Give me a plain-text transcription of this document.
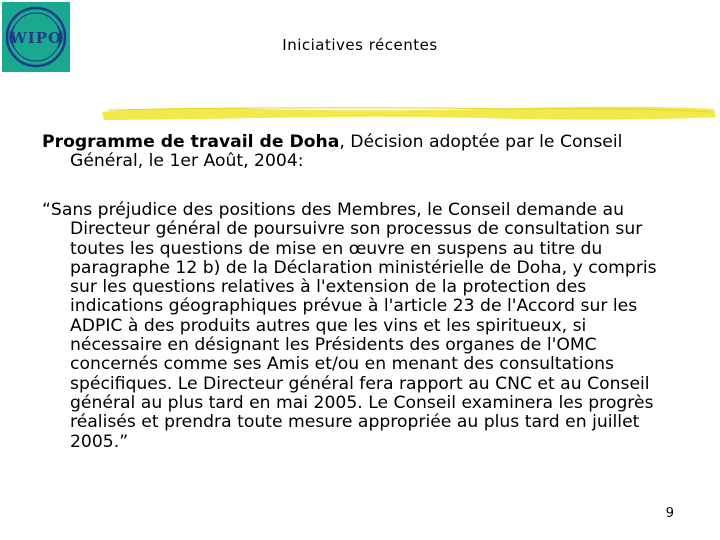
WIPO	Iniciatives récentes
Programme de travail de Doha, Décision adoptée par le Conseil
Général, le 1er Août, 2004:
“Sans préjudice des positions des Membres, le Conseil demande au
Directeur général de poursuivre son processus de consultation sur
toutes les questions de mise en œuvre en suspens au titre du
paragraphe 12 b) de la Déclaration ministérielle de Doha, y compris
sur les questions relatives à l'extension de la protection des
indications géographiques prévue à l'article 23 de l'Accord sur les
ADPIC à des produits autres que les vins et les spiritueux, si
nécessaire en désignant les Présidents des organes de l'OMC
concernés comme ses Amis et/ou en menant des consultations
spécifiques. Le Directeur général fera rapport au CNC et au Conseil
général au plus tard en mai 2005. Le Conseil examinera les progrès
réalisés et prendra toute mesure appropriée au plus tard en juillet
2005.”
9
